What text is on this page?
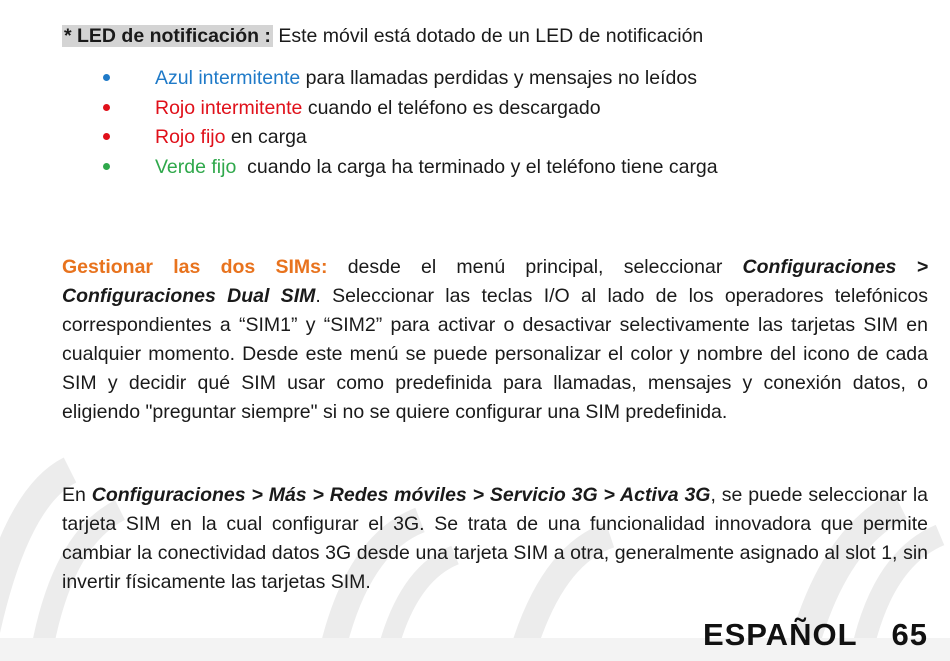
* LED de notificación : Este móvil está dotado de un LED de notificación
Azul intermitente para llamadas perdidas y mensajes no leídos
Rojo intermitente cuando el teléfono es descargado
Rojo fijo en carga
Verde fijo  cuando la carga ha terminado y el teléfono tiene carga

Gestionar las dos SIMs: desde el menú principal, seleccionar Configuraciones > Configuraciones Dual SIM. Seleccionar las teclas I/O al lado de los operadores telefónicos correspondientes a “SIM1” y “SIM2” para activar o desactivar selectivamente las tarjetas SIM en cualquier momento. Desde este menú se puede personalizar el color y nombre del icono de cada SIM y decidir qué SIM usar como predefinida para llamadas, mensajes y conexión datos, o eligiendo "preguntar siempre" si no se quiere configurar una SIM predefinida.

En Configuraciones > Más > Redes móviles > Servicio 3G > Activa 3G, se puede seleccionar la tarjeta SIM en la cual configurar el 3G. Se trata de una funcionalidad innovadora que permite cambiar la conectividad datos 3G desde una tarjeta SIM a otra, generalmente asignado al slot 1, sin invertir físicamente las tarjetas SIM.

ESPAÑOL 65
